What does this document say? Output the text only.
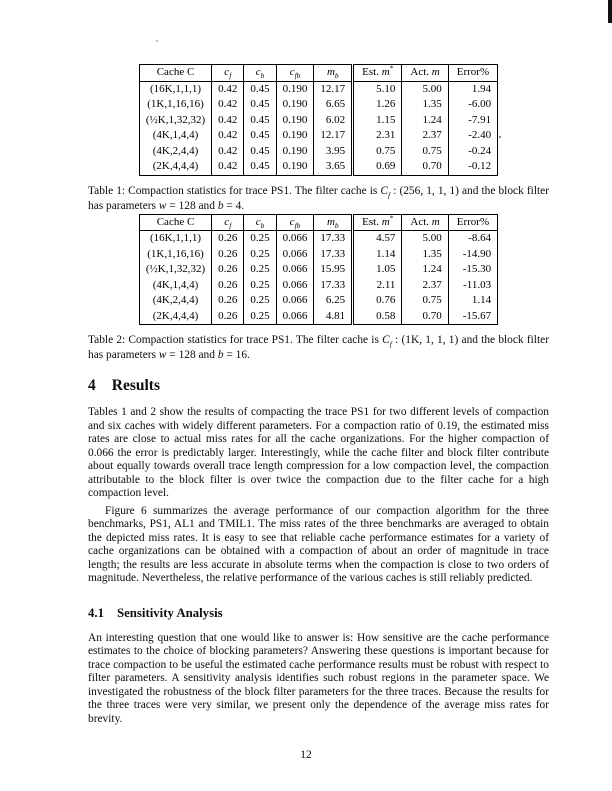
Cache C	$c_f$	$c_b$	$c_{fb}$	$m_b$	Est. m*	Act. m	Error%
(16K,1,1,1)	0.42	0.45	0.190	12.17	5.10	5.00	1.94
(1K,1,16,16)	0.42	0.45	0.190	6.65	1.26	1.35	-6.00
(½K,1,32,32)	0.42	0.45	0.190	6.02	1.15	1.24	-7.91
(4K,1,4,4)	0.42	0.45	0.190	12.17	2.31	2.37	-2.40
(4K,2,4,4)	0.42	0.45	0.190	3.95	0.75	0.75	-0.24
(2K,4,4,4)	0.42	0.45	0.190	3.65	0.69	0.70	-0.12

Table 1: Compaction statistics for trace PS1. The filter cache is $C_f$ : (256, 1, 1, 1) and the block filter has parameters w = 128 and b = 4.

Cache C	$c_f$	$c_b$	$c_{fb}$	$m_b$	Est. m*	Act. m	Error%
(16K,1,1,1)	0.26	0.25	0.066	17.33	4.57	5.00	-8.64
(1K,1,16,16)	0.26	0.25	0.066	17.33	1.14	1.35	-14.90
(½K,1,32,32)	0.26	0.25	0.066	15.95	1.05	1.24	-15.30
(4K,1,4,4)	0.26	0.25	0.066	17.33	2.11	2.37	-11.03
(4K,2,4,4)	0.26	0.25	0.066	6.25	0.76	0.75	1.14
(2K,4,4,4)	0.26	0.25	0.066	4.81	0.58	0.70	-15.67

Table 2: Compaction statistics for trace PS1. The filter cache is $C_f$ : (1K, 1, 1, 1) and the block filter has parameters w = 128 and b = 16.

4 Results

Tables 1 and 2 show the results of compacting the trace PS1 for two different levels of compaction and six caches with widely different parameters. For a compaction ratio of 0.19, the estimated miss rates are close to actual miss rates for all the cache organizations. For the higher compaction of 0.066 the error is predictably larger. Interestingly, while the cache filter and block filter contribute about equally towards overall trace length compression for a low compaction level, the compaction attributable to the block filter is over twice the compaction due to the filter cache for a high compaction level.

Figure 6 summarizes the average performance of our compaction algorithm for the three benchmarks, PS1, AL1 and TMIL1. The miss rates of the three benchmarks are averaged to obtain the depicted miss rates. It is easy to see that reliable cache performance estimates for a variety of cache organizations can be obtained with a compaction of about an order of magnitude in trace length; the results are less accurate in absolute terms when the compaction is close to two orders of magnitude. Nevertheless, the relative performance of the various caches is still reliably predicted.

4.1 Sensitivity Analysis

An interesting question that one would like to answer is: How sensitive are the cache performance estimates to the choice of blocking parameters? Answering these questions is important because for trace compaction to be useful the estimated cache performance results must be robust with respect to filter parameters. A sensitivity analysis identifies such robust regions in the parameter space. We investigated the robustness of the block filter parameters for the three traces. Because the results for the three traces were very similar, we present only the dependence of the average miss rates for brevity.

12
